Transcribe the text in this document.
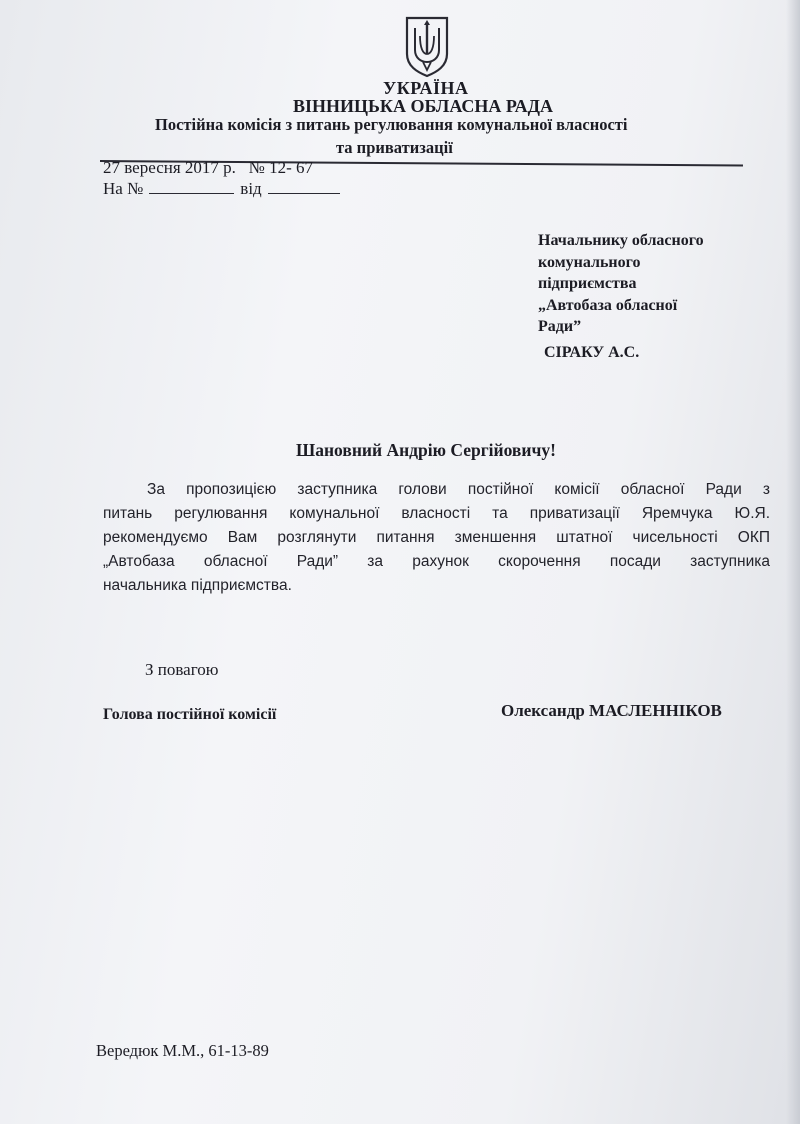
УКРАЇНА
ВІННИЦЬКА ОБЛАСНА РАДА
Постійна комісія з питань регулювання комунальної власності
та приватизації
27 вересня 2017 р. № 12- 67
На №	від
Начальнику обласного
комунального
підприємства
„Автобаза обласної
Ради”
СІРАКУ А.С.
Шановний Андрію Сергійовичу!
За пропозицією заступника голови постійної комісії обласної Ради з
питань регулювання комунальної власності та приватизації Яремчука Ю.Я.
рекомендуємо Вам розглянути питання зменшення штатної чисельності ОКП
„Автобаза обласної Ради” за рахунок скорочення посади заступника
начальника підприємства.
З повагою
Голова постійної комісії	Олександр МАСЛЕННІКОВ
Вередюк М.М., 61-13-89
